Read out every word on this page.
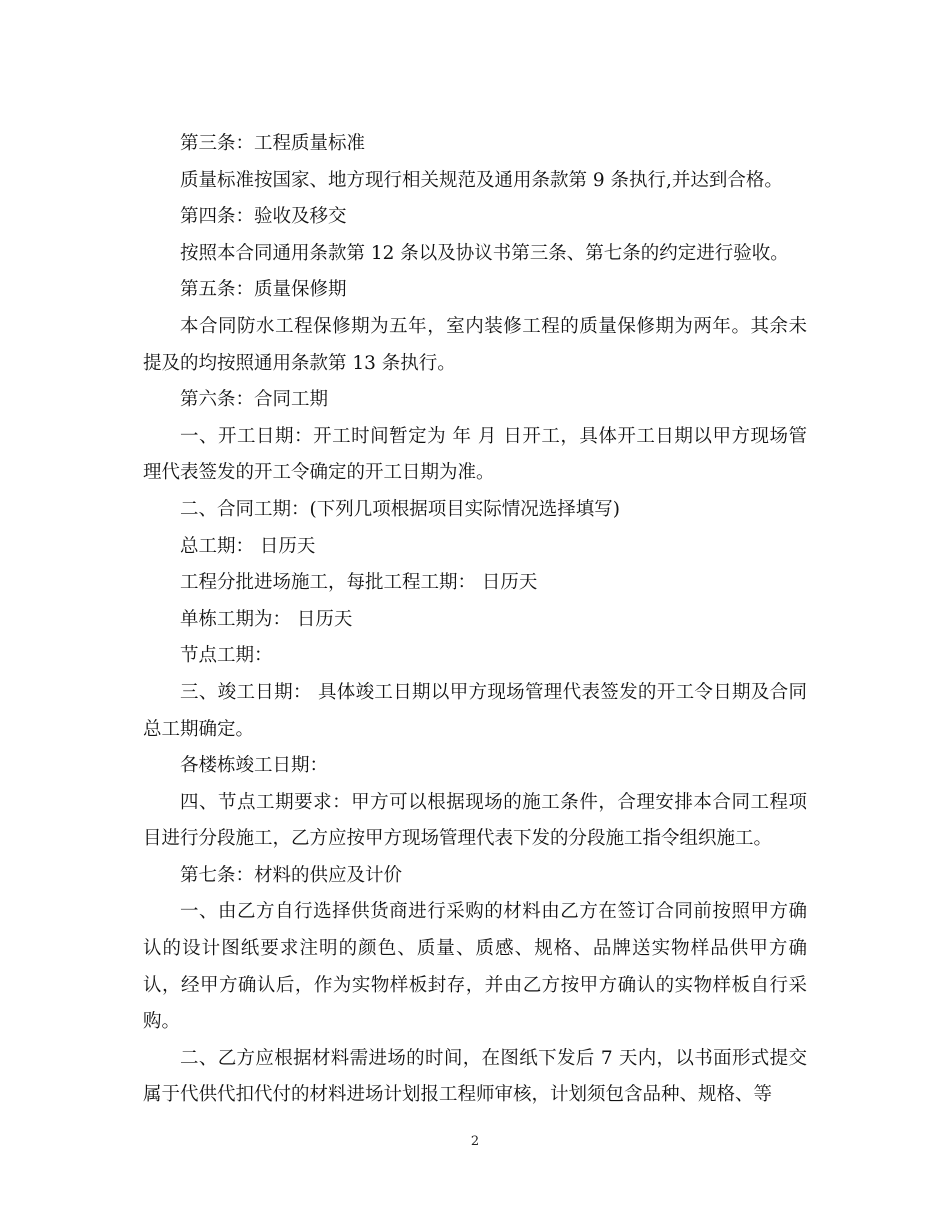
第三条：工程质量标准

质量标准按国家、地方现行相关规范及通用条款第 9 条执行,并达到合格。

第四条：验收及移交

按照本合同通用条款第 12 条以及协议书第三条、第七条的约定进行验收。

第五条：质量保修期

本合同防水工程保修期为五年，室内装修工程的质量保修期为两年。其余未提及的均按照通用条款第 13 条执行。

第六条：合同工期

一、开工日期：开工时间暂定为 年 月 日开工，具体开工日期以甲方现场管理代表签发的开工令确定的开工日期为准。

二、合同工期：(下列几项根据项目实际情况选择填写)

总工期： 日历天

工程分批进场施工，每批工程工期： 日历天

单栋工期为： 日历天

节点工期：

三、竣工日期： 具体竣工日期以甲方现场管理代表签发的开工令日期及合同总工期确定。

各楼栋竣工日期：

四、节点工期要求：甲方可以根据现场的施工条件，合理安排本合同工程项目进行分段施工，乙方应按甲方现场管理代表下发的分段施工指令组织施工。

第七条：材料的供应及计价

一、由乙方自行选择供货商进行采购的材料由乙方在签订合同前按照甲方确认的设计图纸要求注明的颜色、质量、质感、规格、品牌送实物样品供甲方确认，经甲方确认后，作为实物样板封存，并由乙方按甲方确认的实物样板自行采购。

二、乙方应根据材料需进场的时间，在图纸下发后 7 天内，以书面形式提交属于代供代扣代付的材料进场计划报工程师审核，计划须包含品种、规格、等

2
